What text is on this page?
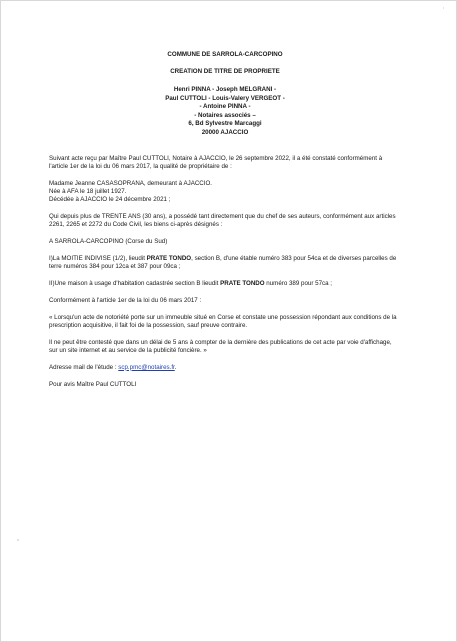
COMMUNE DE SARROLA-CARCOPINO
CREATION DE TITRE DE PROPRIETE
Henri PINNA - Joseph MELGRANI -
Paul CUTTOLI - Louis-Valery VERGEOT -
- Antoine PINNA -
- Notaires associés –
6, Bd Sylvestre Marcaggi
20000 AJACCIO

Suivant acte reçu par Maître Paul CUTTOLI, Notaire à AJACCIO, le 26 septembre 2022, il a été constaté conformément à l'article 1er de la loi du 06 mars 2017, la qualité de propriétaire de :

Madame Jeanne CASASOPRANA, demeurant à AJACCIO.
Née à AFA le 18 juillet 1927.
Décédée à AJACCIO le 24 décembre 2021 ;

Qui depuis plus de TRENTE ANS (30 ans), a possédé tant directement que du chef de ses auteurs, conformément aux articles 2261, 2265 et 2272 du Code Civil, les biens ci-après désignés :

A SARROLA-CARCOPINO (Corse du Sud)

I)La MOITIE INDIVISE (1/2), lieudit PRATE TONDO, section B, d'une étable numéro 383 pour 54ca et de diverses parcelles de terre numéros 384 pour 12ca et 387 pour 09ca ;

II)Une maison à usage d'habitation cadastrée section B lieudit PRATE TONDO numéro 389 pour 57ca ;

Conformément à l'article 1er de la loi du 06 mars 2017 :

« Lorsqu'un acte de notoriété porte sur un immeuble situé en Corse et constate une possession répondant aux conditions de la prescription acquisitive, il fait foi de la possession, sauf preuve contraire.

Il ne peut être contesté que dans un délai de 5 ans à compter de la dernière des publications de cet acte par voie d'affichage, sur un site internet et au service de la publicité foncière. »

Adresse mail de l'étude : scp.pmc@notaires.fr.

Pour avis Maître Paul CUTTOLI
